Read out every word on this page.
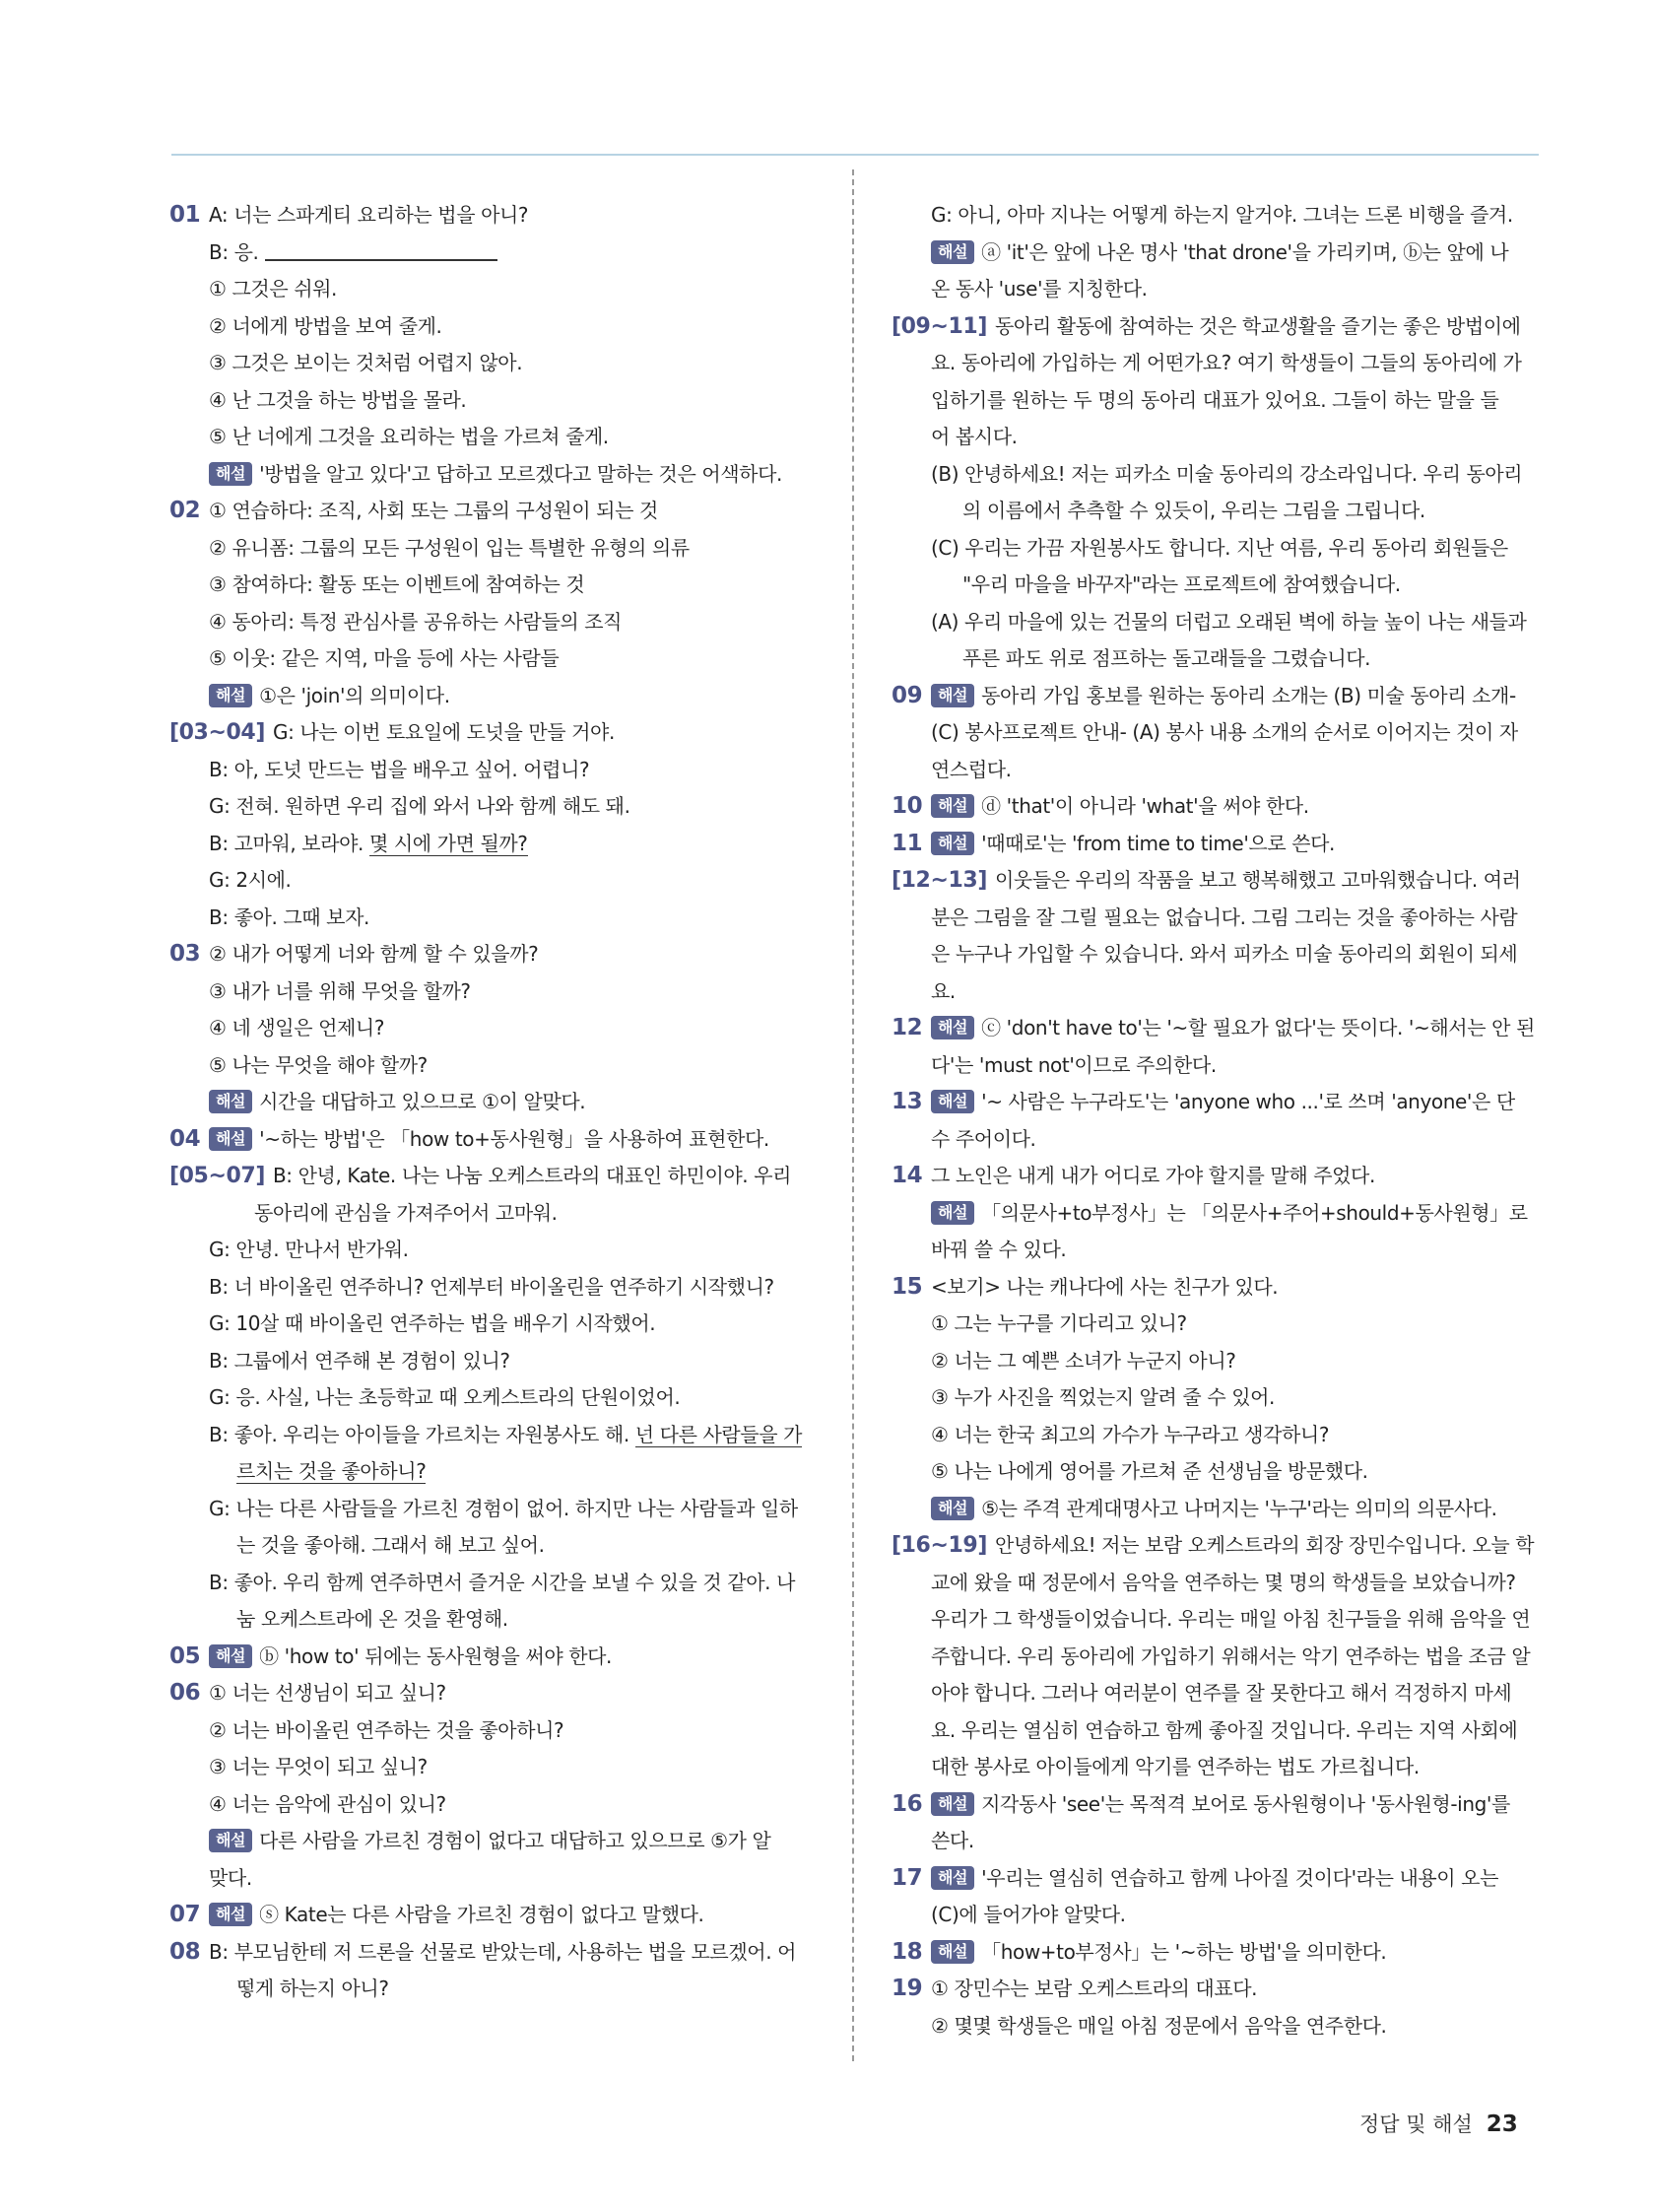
01 A: 너는 스파게티 요리하는 법을 아니?
B: 응.
① 그것은 쉬워.
② 너에게 방법을 보여 줄게.
③ 그것은 보이는 것처럼 어렵지 않아.
④ 난 그것을 하는 방법을 몰라.
⑤ 난 너에게 그것을 요리하는 법을 가르쳐 줄게.
해설 '방법을 알고 있다'고 답하고 모르겠다고 말하는 것은 어색하다.
02 ① 연습하다: 조직, 사회 또는 그룹의 구성원이 되는 것
② 유니폼: 그룹의 모든 구성원이 입는 특별한 유형의 의류
③ 참여하다: 활동 또는 이벤트에 참여하는 것
④ 동아리: 특정 관심사를 공유하는 사람들의 조직
⑤ 이웃: 같은 지역, 마을 등에 사는 사람들
해설 ①은 'join'의 의미이다.
[03~04] G: 나는 이번 토요일에 도넛을 만들 거야.
B: 아, 도넛 만드는 법을 배우고 싶어. 어렵니?
G: 전혀. 원하면 우리 집에 와서 나와 함께 해도 돼.
B: 고마워, 보라야. 몇 시에 가면 될까?
G: 2시에.
B: 좋아. 그때 보자.
03 ② 내가 어떻게 너와 함께 할 수 있을까?
③ 내가 너를 위해 무엇을 할까?
④ 네 생일은 언제니?
⑤ 나는 무엇을 해야 할까?
해설 시간을 대답하고 있으므로 ①이 알맞다.
04 해설 '~하는 방법'은 「how to+동사원형」을 사용하여 표현한다.
[05~07] B: 안녕, Kate. 나는 나눔 오케스트라의 대표인 하민이야. 우리
동아리에 관심을 가져주어서 고마워.
G: 안녕. 만나서 반가워.
B: 너 바이올린 연주하니? 언제부터 바이올린을 연주하기 시작했니?
G: 10살 때 바이올린 연주하는 법을 배우기 시작했어.
B: 그룹에서 연주해 본 경험이 있니?
G: 응. 사실, 나는 초등학교 때 오케스트라의 단원이었어.
B: 좋아. 우리는 아이들을 가르치는 자원봉사도 해. 넌 다른 사람들을 가
르치는 것을 좋아하니?
G: 나는 다른 사람들을 가르친 경험이 없어. 하지만 나는 사람들과 일하
는 것을 좋아해. 그래서 해 보고 싶어.
B: 좋아. 우리 함께 연주하면서 즐거운 시간을 보낼 수 있을 것 같아. 나
눔 오케스트라에 온 것을 환영해.
05 해설 ⓑ 'how to' 뒤에는 동사원형을 써야 한다.
06 ① 너는 선생님이 되고 싶니?
② 너는 바이올린 연주하는 것을 좋아하니?
③ 너는 무엇이 되고 싶니?
④ 너는 음악에 관심이 있니?
해설 다른 사람을 가르친 경험이 없다고 대답하고 있으므로 ⑤가 알
맞다.
07 해설 ⓢ Kate는 다른 사람을 가르친 경험이 없다고 말했다.
08 B: 부모님한테 저 드론을 선물로 받았는데, 사용하는 법을 모르겠어. 어
떻게 하는지 아니?
G: 아니, 아마 지나는 어떻게 하는지 알거야. 그녀는 드론 비행을 즐겨.
해설 ⓐ 'it'은 앞에 나온 명사 'that drone'을 가리키며, ⓑ는 앞에 나
온 동사 'use'를 지칭한다.
[09~11] 동아리 활동에 참여하는 것은 학교생활을 즐기는 좋은 방법이에
요. 동아리에 가입하는 게 어떤가요? 여기 학생들이 그들의 동아리에 가
입하기를 원하는 두 명의 동아리 대표가 있어요. 그들이 하는 말을 들
어 봅시다.
(B) 안녕하세요! 저는 피카소 미술 동아리의 강소라입니다. 우리 동아리
의 이름에서 추측할 수 있듯이, 우리는 그림을 그립니다.
(C) 우리는 가끔 자원봉사도 합니다. 지난 여름, 우리 동아리 회원들은
"우리 마을을 바꾸자"라는 프로젝트에 참여했습니다.
(A) 우리 마을에 있는 건물의 더럽고 오래된 벽에 하늘 높이 나는 새들과
푸른 파도 위로 점프하는 돌고래들을 그렸습니다.
09 해설 동아리 가입 홍보를 원하는 동아리 소개는 (B) 미술 동아리 소개-
(C) 봉사프로젝트 안내- (A) 봉사 내용 소개의 순서로 이어지는 것이 자
연스럽다.
10 해설 ⓓ 'that'이 아니라 'what'을 써야 한다.
11 해설 '때때로'는 'from time to time'으로 쓴다.
[12~13] 이웃들은 우리의 작품을 보고 행복해했고 고마워했습니다. 여러
분은 그림을 잘 그릴 필요는 없습니다. 그림 그리는 것을 좋아하는 사람
은 누구나 가입할 수 있습니다. 와서 피카소 미술 동아리의 회원이 되세
요.
12 해설 ⓒ 'don't have to'는 '~할 필요가 없다'는 뜻이다. '~해서는 안 된
다'는 'must not'이므로 주의한다.
13 해설 '~ 사람은 누구라도'는 'anyone who ...'로 쓰며 'anyone'은 단
수 주어이다.
14 그 노인은 내게 내가 어디로 가야 할지를 말해 주었다.
해설 「의문사+to부정사」는 「의문사+주어+should+동사원형」로
바꿔 쓸 수 있다.
15 <보기> 나는 캐나다에 사는 친구가 있다.
① 그는 누구를 기다리고 있니?
② 너는 그 예쁜 소녀가 누군지 아니?
③ 누가 사진을 찍었는지 알려 줄 수 있어.
④ 너는 한국 최고의 가수가 누구라고 생각하니?
⑤ 나는 나에게 영어를 가르쳐 준 선생님을 방문했다.
해설 ⑤는 주격 관계대명사고 나머지는 '누구'라는 의미의 의문사다.
[16~19] 안녕하세요! 저는 보람 오케스트라의 회장 장민수입니다. 오늘 학
교에 왔을 때 정문에서 음악을 연주하는 몇 명의 학생들을 보았습니까?
우리가 그 학생들이었습니다. 우리는 매일 아침 친구들을 위해 음악을 연
주합니다. 우리 동아리에 가입하기 위해서는 악기 연주하는 법을 조금 알
아야 합니다. 그러나 여러분이 연주를 잘 못한다고 해서 걱정하지 마세
요. 우리는 열심히 연습하고 함께 좋아질 것입니다. 우리는 지역 사회에
대한 봉사로 아이들에게 악기를 연주하는 법도 가르칩니다.
16 해설 지각동사 'see'는 목적격 보어로 동사원형이나 '동사원형-ing'를
쓴다.
17 해설 '우리는 열심히 연습하고 함께 나아질 것이다'라는 내용이 오는
(C)에 들어가야 알맞다.
18 해설 「how+to부정사」는 '~하는 방법'을 의미한다.
19 ① 장민수는 보람 오케스트라의 대표다.
② 몇몇 학생들은 매일 아침 정문에서 음악을 연주한다.
정답 및 해설 23
